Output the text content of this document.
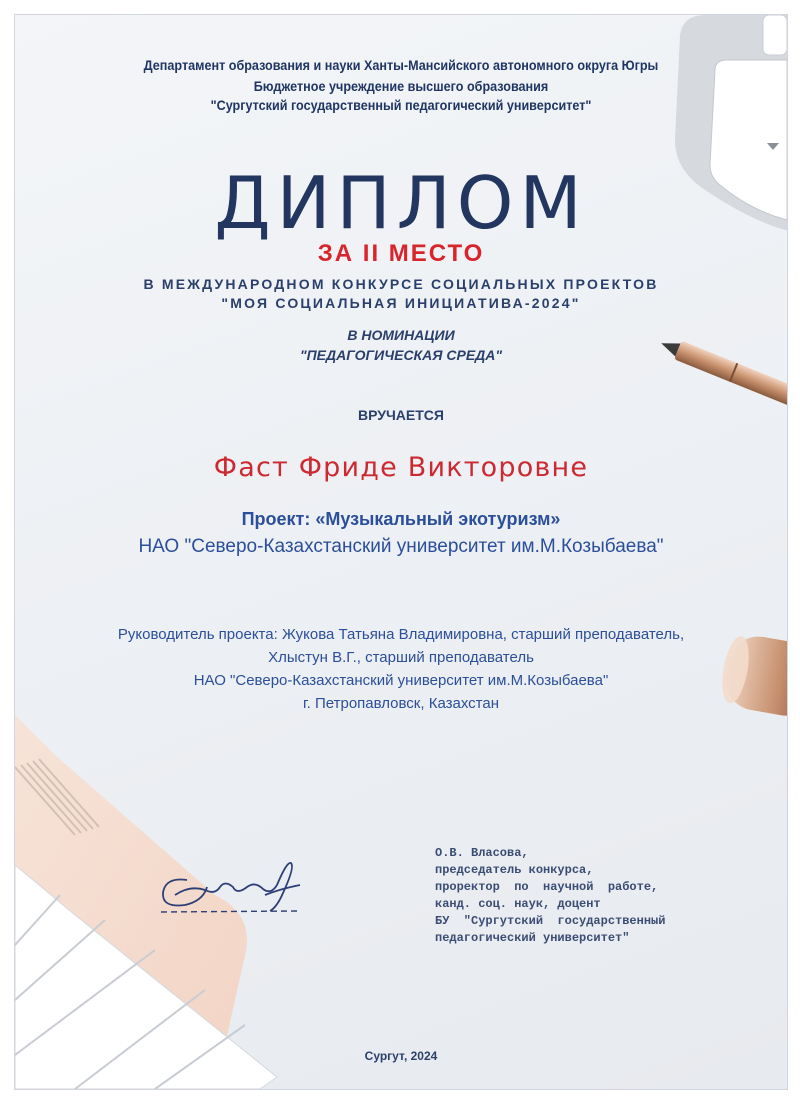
Департамент образования и науки Ханты-Мансийского автономного округа Югры
Бюджетное учреждение высшего образования
"Сургутский государственный педагогический университет"
ДИПЛОМ
ЗА II МЕСТО
В МЕЖДУНАРОДНОМ КОНКУРСЕ СОЦИАЛЬНЫХ ПРОЕКТОВ
"МОЯ СОЦИАЛЬНАЯ ИНИЦИАТИВА-2024"
В НОМИНАЦИИ
"ПЕДАГОГИЧЕСКАЯ СРЕДА"
ВРУЧАЕТСЯ
Фаст Фриде Викторовне
Проект: «Музыкальный экотуризм»
НАО "Северо-Казахстанский университет им.М.Козыбаева"
Руководитель проекта: Жукова Татьяна Владимировна, старший преподаватель,
Хлыстун В.Г., старший преподаватель
НАО "Северо-Казахстанский университет им.М.Козыбаева"
г. Петропавловск, Казахстан
О.В. Власова,
председатель конкурса,
проректор  по  научной  работе,
канд. соц. наук, доцент
БУ  "Сургутский  государственный
педагогический университет"
Сургут, 2024
